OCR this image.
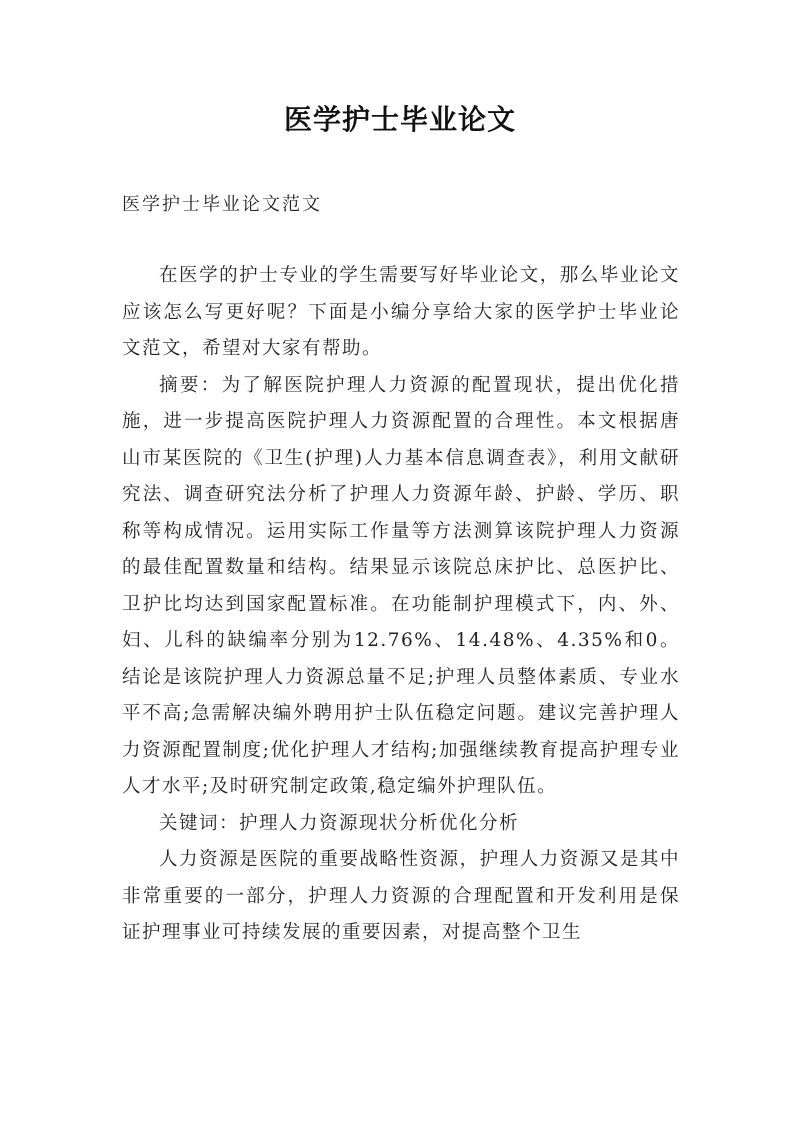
医学护士毕业论文
医学护士毕业论文范文

在医学的护士专业的学生需要写好毕业论文，那么毕业论文应该怎么写更好呢？下面是小编分享给大家的医学护士毕业论文范文，希望对大家有帮助。

摘要：为了解医院护理人力资源的配置现状，提出优化措施，进一步提高医院护理人力资源配置的合理性。本文根据唐山市某医院的《卫生(护理)人力基本信息调查表》，利用文献研究法、调查研究法分析了护理人力资源年龄、护龄、学历、职称等构成情况。运用实际工作量等方法测算该院护理人力资源的最佳配置数量和结构。结果显示该院总床护比、总医护比、卫护比均达到国家配置标准。在功能制护理模式下，内、外、妇、儿科的缺编率分别为12.76%、14.48%、4.35%和0。结论是该院护理人力资源总量不足;护理人员整体素质、专业水平不高;急需解决编外聘用护士队伍稳定问题。建议完善护理人力资源配置制度;优化护理人才结构;加强继续教育提高护理专业人才水平;及时研究制定政策,稳定编外护理队伍。

关键词：护理人力资源现状分析优化分析

人力资源是医院的重要战略性资源，护理人力资源又是其中非常重要的一部分，护理人力资源的合理配置和开发利用是保证护理事业可持续发展的重要因素，对提高整个卫生
